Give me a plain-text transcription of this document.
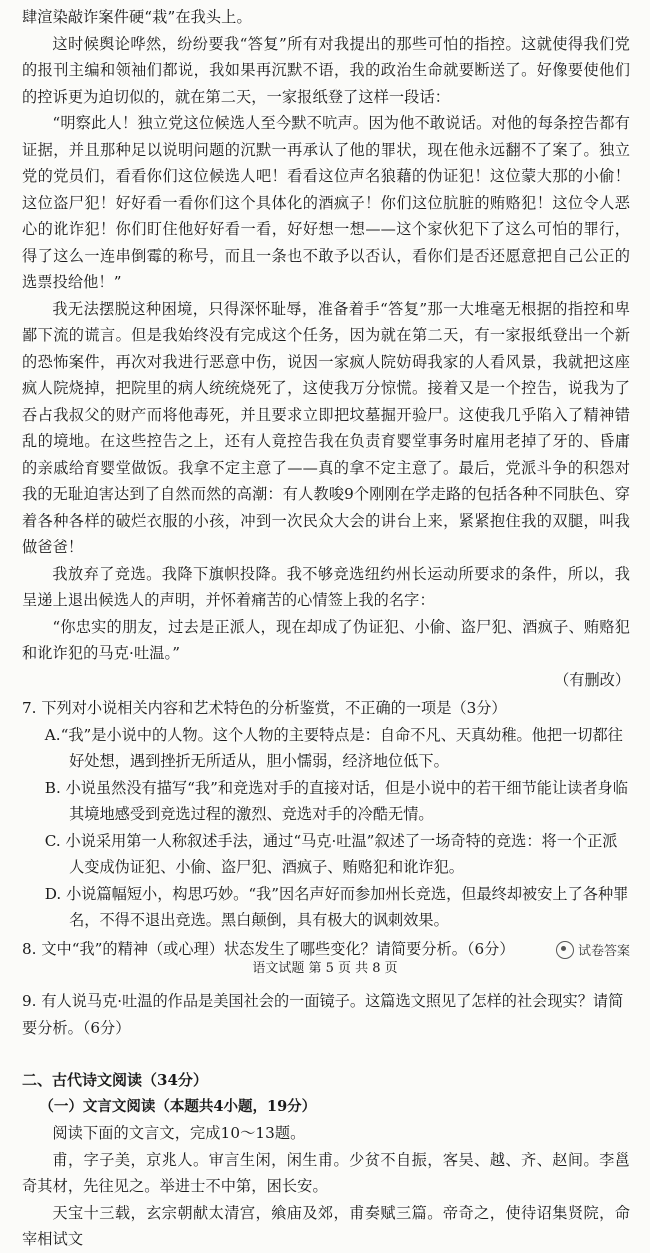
肆渲染敲诈案件硬“栽”在我头上。

这时候舆论哗然，纷纷要我“答复”所有对我提出的那些可怕的指控。这就使得我们党的报刊主编和领袖们都说，我如果再沉默不语，我的政治生命就要断送了。好像要使他们的控诉更为迫切似的，就在第二天，一家报纸登了这样一段话：

“明察此人！独立党这位候选人至今默不吭声。因为他不敢说话。对他的每条控告都有证据，并且那种足以说明问题的沉默一再承认了他的罪状，现在他永远翻不了案了。独立党的党员们，看看你们这位候选人吧！看看这位声名狼藉的伪证犯！这位蒙大那的小偷！这位盗尸犯！好好看一看你们这个具体化的酒疯子！你们这位肮脏的贿赂犯！这位令人恶心的讹诈犯！你们盯住他好好看一看，好好想一想——这个家伙犯下了这么可怕的罪行，得了这么一连串倒霉的称号，而且一条也不敢予以否认，看你们是否还愿意把自己公正的选票投给他！”

我无法摆脱这种困境，只得深怀耻辱，准备着手“答复”那一大堆毫无根据的指控和卑鄙下流的谎言。但是我始终没有完成这个任务，因为就在第二天，有一家报纸登出一个新的恐怖案件，再次对我进行恶意中伤，说因一家疯人院妨碍我家的人看风景，我就把这座疯人院烧掉，把院里的病人统统烧死了，这使我万分惊慌。接着又是一个控告，说我为了吞占我叔父的财产而将他毒死，并且要求立即把坟墓掘开验尸。这使我几乎陷入了精神错乱的境地。在这些控告之上，还有人竟控告我在负责育婴堂事务时雇用老掉了牙的、昏庸的亲戚给育婴堂做饭。我拿不定主意了——真的拿不定主意了。最后，党派斗争的积怨对我的无耻迫害达到了自然而然的高潮：有人教唆9个刚刚在学走路的包括各种不同肤色、穿着各种各样的破烂衣服的小孩，冲到一次民众大会的讲台上来，紧紧抱住我的双腿，叫我做爸爸！

我放弃了竞选。我降下旗帜投降。我不够竞选纽约州长运动所要求的条件，所以，我呈递上退出候选人的声明，并怀着痛苦的心情签上我的名字：

“你忠实的朋友，过去是正派人，现在却成了伪证犯、小偷、盗尸犯、酒疯子、贿赂犯和讹诈犯的马克·吐温。”

（有删改）

7. 下列对小说相关内容和艺术特色的分析鉴赏，不正确的一项是（3分）

A.“我”是小说中的人物。这个人物的主要特点是：自命不凡、天真幼稚。他把一切都往好处想，遇到挫折无所适从，胆小懦弱，经济地位低下。

B. 小说虽然没有描写“我”和竞选对手的直接对话，但是小说中的若干细节能让读者身临其境地感受到竞选过程的激烈、竞选对手的冷酷无情。

C. 小说采用第一人称叙述手法，通过“马克·吐温”叙述了一场奇特的竞选：将一个正派人变成伪证犯、小偷、盗尸犯、酒疯子、贿赂犯和讹诈犯。

D. 小说篇幅短小，构思巧妙。“我”因名声好而参加州长竞选，但最终却被安上了各种罪名，不得不退出竞选。黑白颠倒，具有极大的讽刺效果。

8. 文中“我”的精神（或心理）状态发生了哪些变化？请简要分析。（6分）

9. 有人说马克·吐温的作品是美国社会的一面镜子。这篇选文照见了怎样的社会现实？请简要分析。（6分）

二、古代诗文阅读（34分）

（一）文言文阅读（本题共4小题，19分）

阅读下面的文言文，完成10～13题。

甫，字子美，京兆人。审言生闲，闲生甫。少贫不自振，客吴、越、齐、赵间。李邕奇其材，先往见之。举进士不中第，困长安。

天宝十三载，玄宗朝献太清宫，飨庙及郊，甫奏赋三篇。帝奇之，使待诏集贤院，命宰相试文

语文试题 第 5 页 共 8 页
试卷答案
